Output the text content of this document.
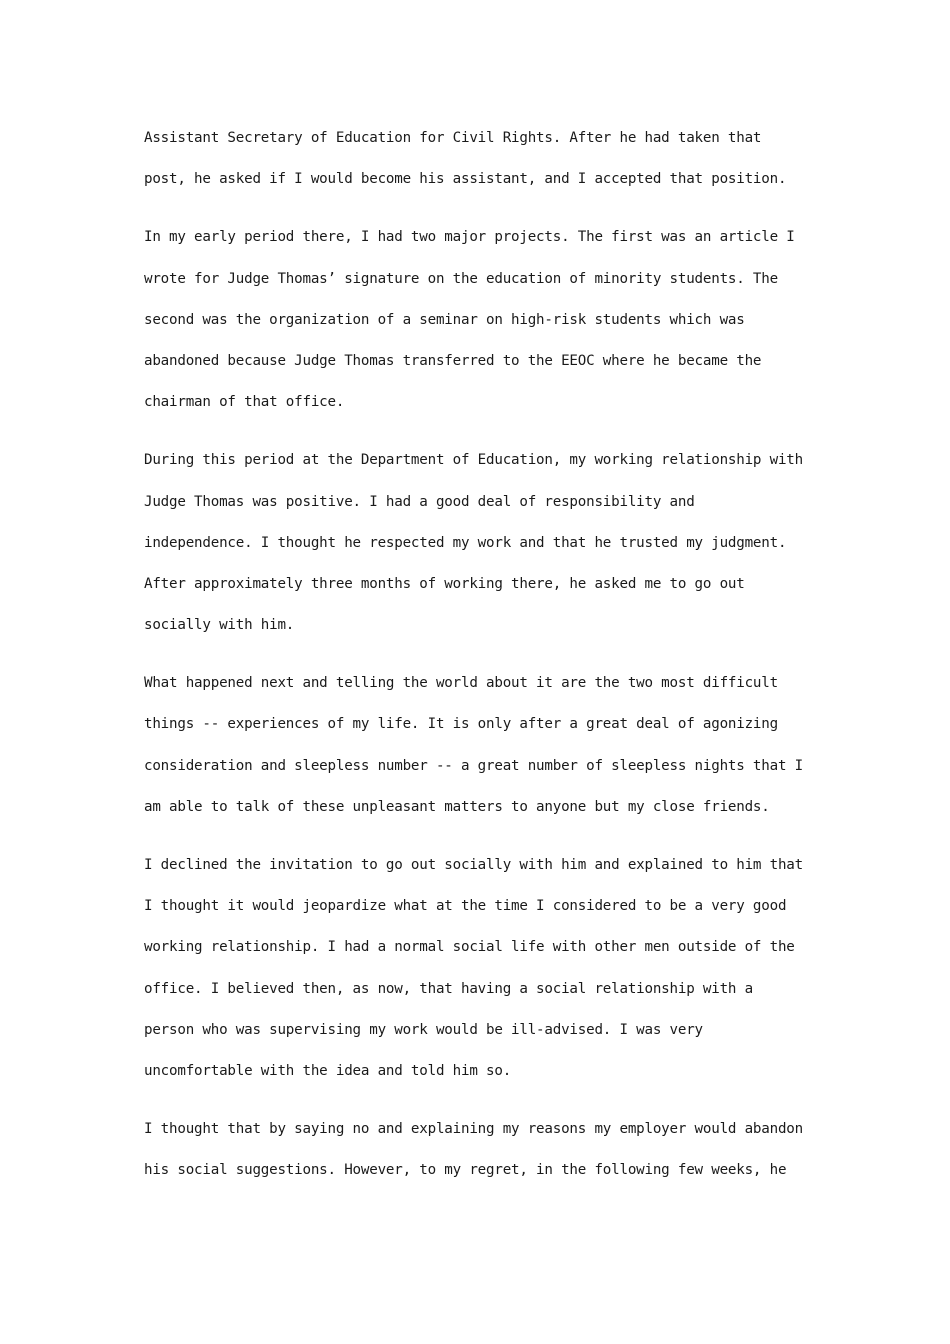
Assistant Secretary of Education for Civil Rights. After he had taken that
post, he asked if I would become his assistant, and I accepted that position.
In my early period there, I had two major projects. The first was an article I
wrote for Judge Thomas’ signature on the education of minority students. The
second was the organization of a seminar on high-risk students which was
abandoned because Judge Thomas transferred to the EEOC where he became the
chairman of that office.
During this period at the Department of Education, my working relationship with
Judge Thomas was positive. I had a good deal of responsibility and
independence. I thought he respected my work and that he trusted my judgment.
After approximately three months of working there, he asked me to go out
socially with him.
What happened next and telling the world about it are the two most difficult
things -- experiences of my life. It is only after a great deal of agonizing
consideration and sleepless number -- a great number of sleepless nights that I
am able to talk of these unpleasant matters to anyone but my close friends.
I declined the invitation to go out socially with him and explained to him that
I thought it would jeopardize what at the time I considered to be a very good
working relationship. I had a normal social life with other men outside of the
office. I believed then, as now, that having a social relationship with a
person who was supervising my work would be ill-advised. I was very
uncomfortable with the idea and told him so.
I thought that by saying no and explaining my reasons my employer would abandon
his social suggestions. However, to my regret, in the following few weeks, he
